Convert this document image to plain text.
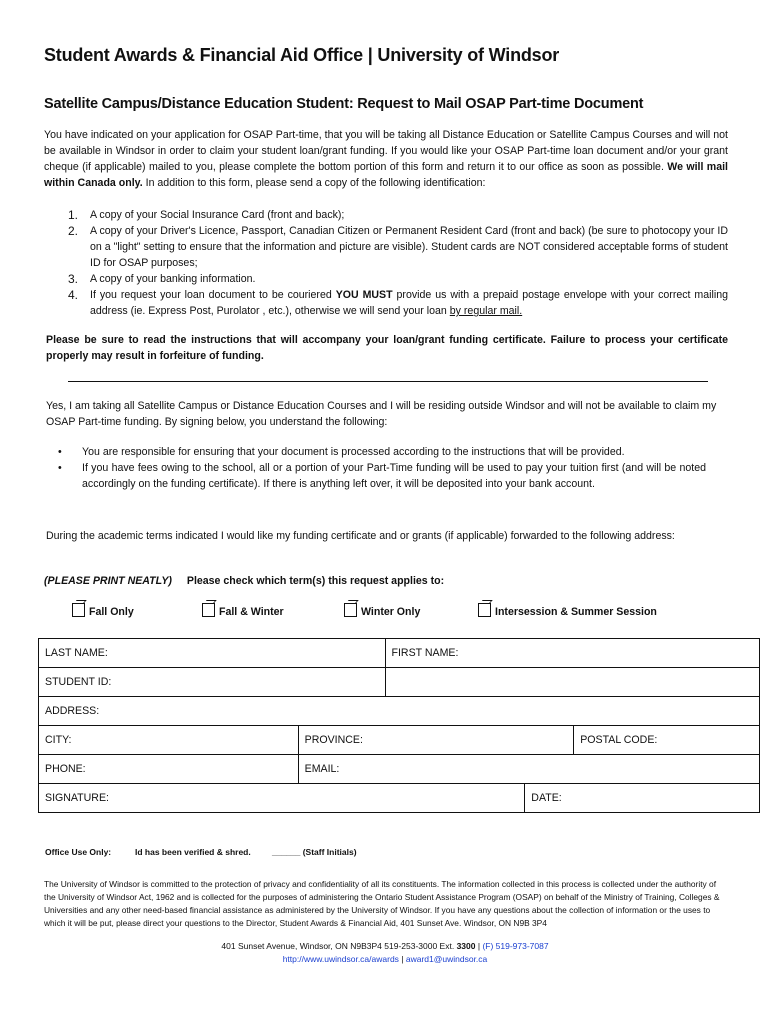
Student Awards & Financial Aid Office | University of Windsor
Satellite Campus/Distance Education Student: Request to Mail OSAP Part-time Document

You have indicated on your application for OSAP Part-time, that you will be taking all Distance Education or Satellite Campus Courses and will not be available in Windsor in order to claim your student loan/grant funding. If you would like your OSAP Part-time loan document and/or your grant cheque (if applicable) mailed to you, please complete the bottom portion of this form and return it to our office as soon as possible. We will mail within Canada only. In addition to this form, please send a copy of the following identification:

1. A copy of your Social Insurance Card (front and back);
2. A copy of your Driver's Licence, Passport, Canadian Citizen or Permanent Resident Card (front and back) (be sure to photocopy your ID on a "light" setting to ensure that the information and picture are visible). Student cards are NOT considered acceptable forms of student ID for OSAP purposes;
3. A copy of your banking information.
4. If you request your loan document to be couriered YOU MUST provide us with a prepaid postage envelope with your correct mailing address (ie. Express Post, Purolator , etc.), otherwise we will send your loan by regular mail.

Please be sure to read the instructions that will accompany your loan/grant funding certificate. Failure to process your certificate properly may result in forfeiture of funding.

Yes, I am taking all Satellite Campus or Distance Education Courses and I will be residing outside Windsor and will not be available to claim my OSAP Part-time funding. By signing below, you understand the following:

• You are responsible for ensuring that your document is processed according to the instructions that will be provided.
• If you have fees owing to the school, all or a portion of your Part-Time funding will be used to pay your tuition first (and will be noted accordingly on the funding certificate). If there is anything left over, it will be deposited into your bank account.

During the academic terms indicated I would like my funding certificate and or grants (if applicable) forwarded to the following address:

(PLEASE PRINT NEATLY) Please check which term(s) this request applies to:
Fall Only	Fall & Winter	Winter Only	Intersession & Summer Session
LAST NAME:		FIRST NAME:		
STUDENT ID:				
ADDRESS:				
CITY:	PROVINCE:			POSTAL CODE:
PHONE:	EMAIL:			
SIGNATURE:			DATE:	
Office Use Only:	Id has been verified & shred.	______ (Staff Initials)

The University of Windsor is committed to the protection of privacy and confidentiality of all its constituents. The information collected in this process is collected under the authority of the University of Windsor Act, 1962 and is collected for the purposes of administering the Ontario Student Assistance Program (OSAP) on behalf of the Ministry of Training, Colleges & Universities and any other need-based financial assistance as administered by the University of Windsor. If you have any questions about the collection of information or the uses to which it will be put, please direct your questions to the Director, Student Awards & Financial Aid, 401 Sunset Ave. Windsor, ON N9B 3P4

401 Sunset Avenue, Windsor, ON N9B3P4 519-253-3000 Ext. 3300 | (F) 519-973-7087
http://www.uwindsor.ca/awards | award1@uwindsor.ca
